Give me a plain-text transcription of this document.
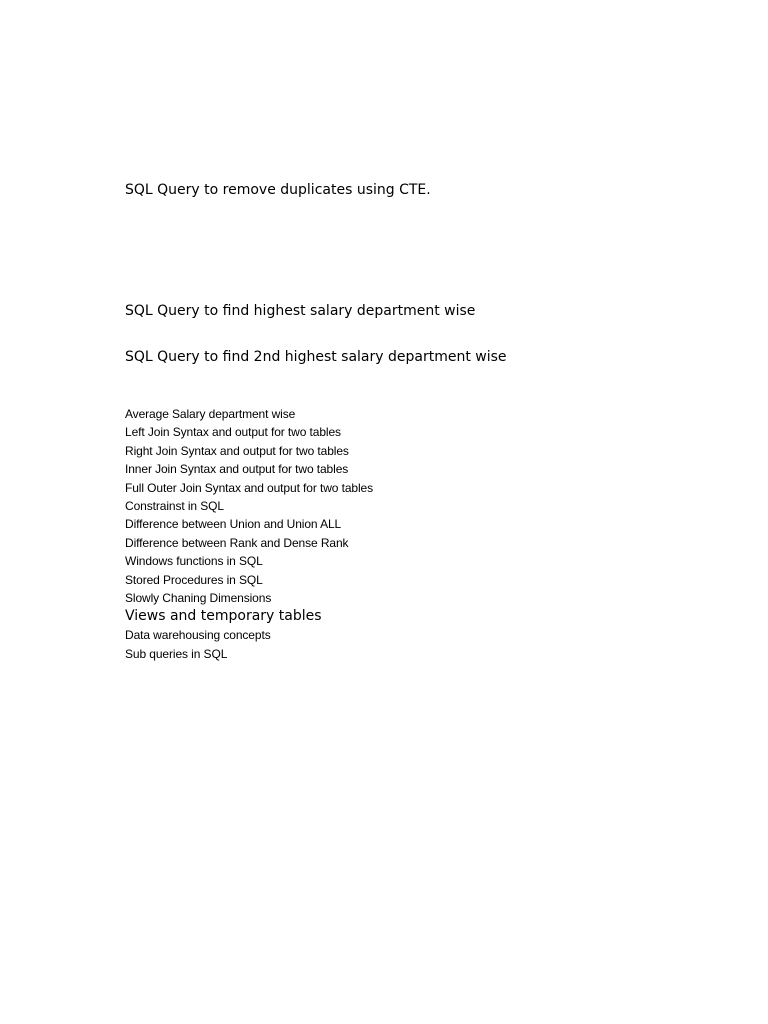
SQL Query to remove duplicates using CTE.
SQL Query to find highest salary department wise
SQL Query to find 2nd highest salary department wise
Average Salary department wise
Left Join Syntax and output for two tables
Right Join Syntax and output for two tables
Inner Join Syntax and output for two tables
Full Outer Join Syntax and output for two tables
Constrainst in SQL
Difference between Union and Union ALL
Difference between Rank and Dense Rank
Windows functions in SQL
Stored Procedures in SQL
Slowly Chaning Dimensions
Views and temporary tables
Data warehousing concepts
Sub queries in SQL
